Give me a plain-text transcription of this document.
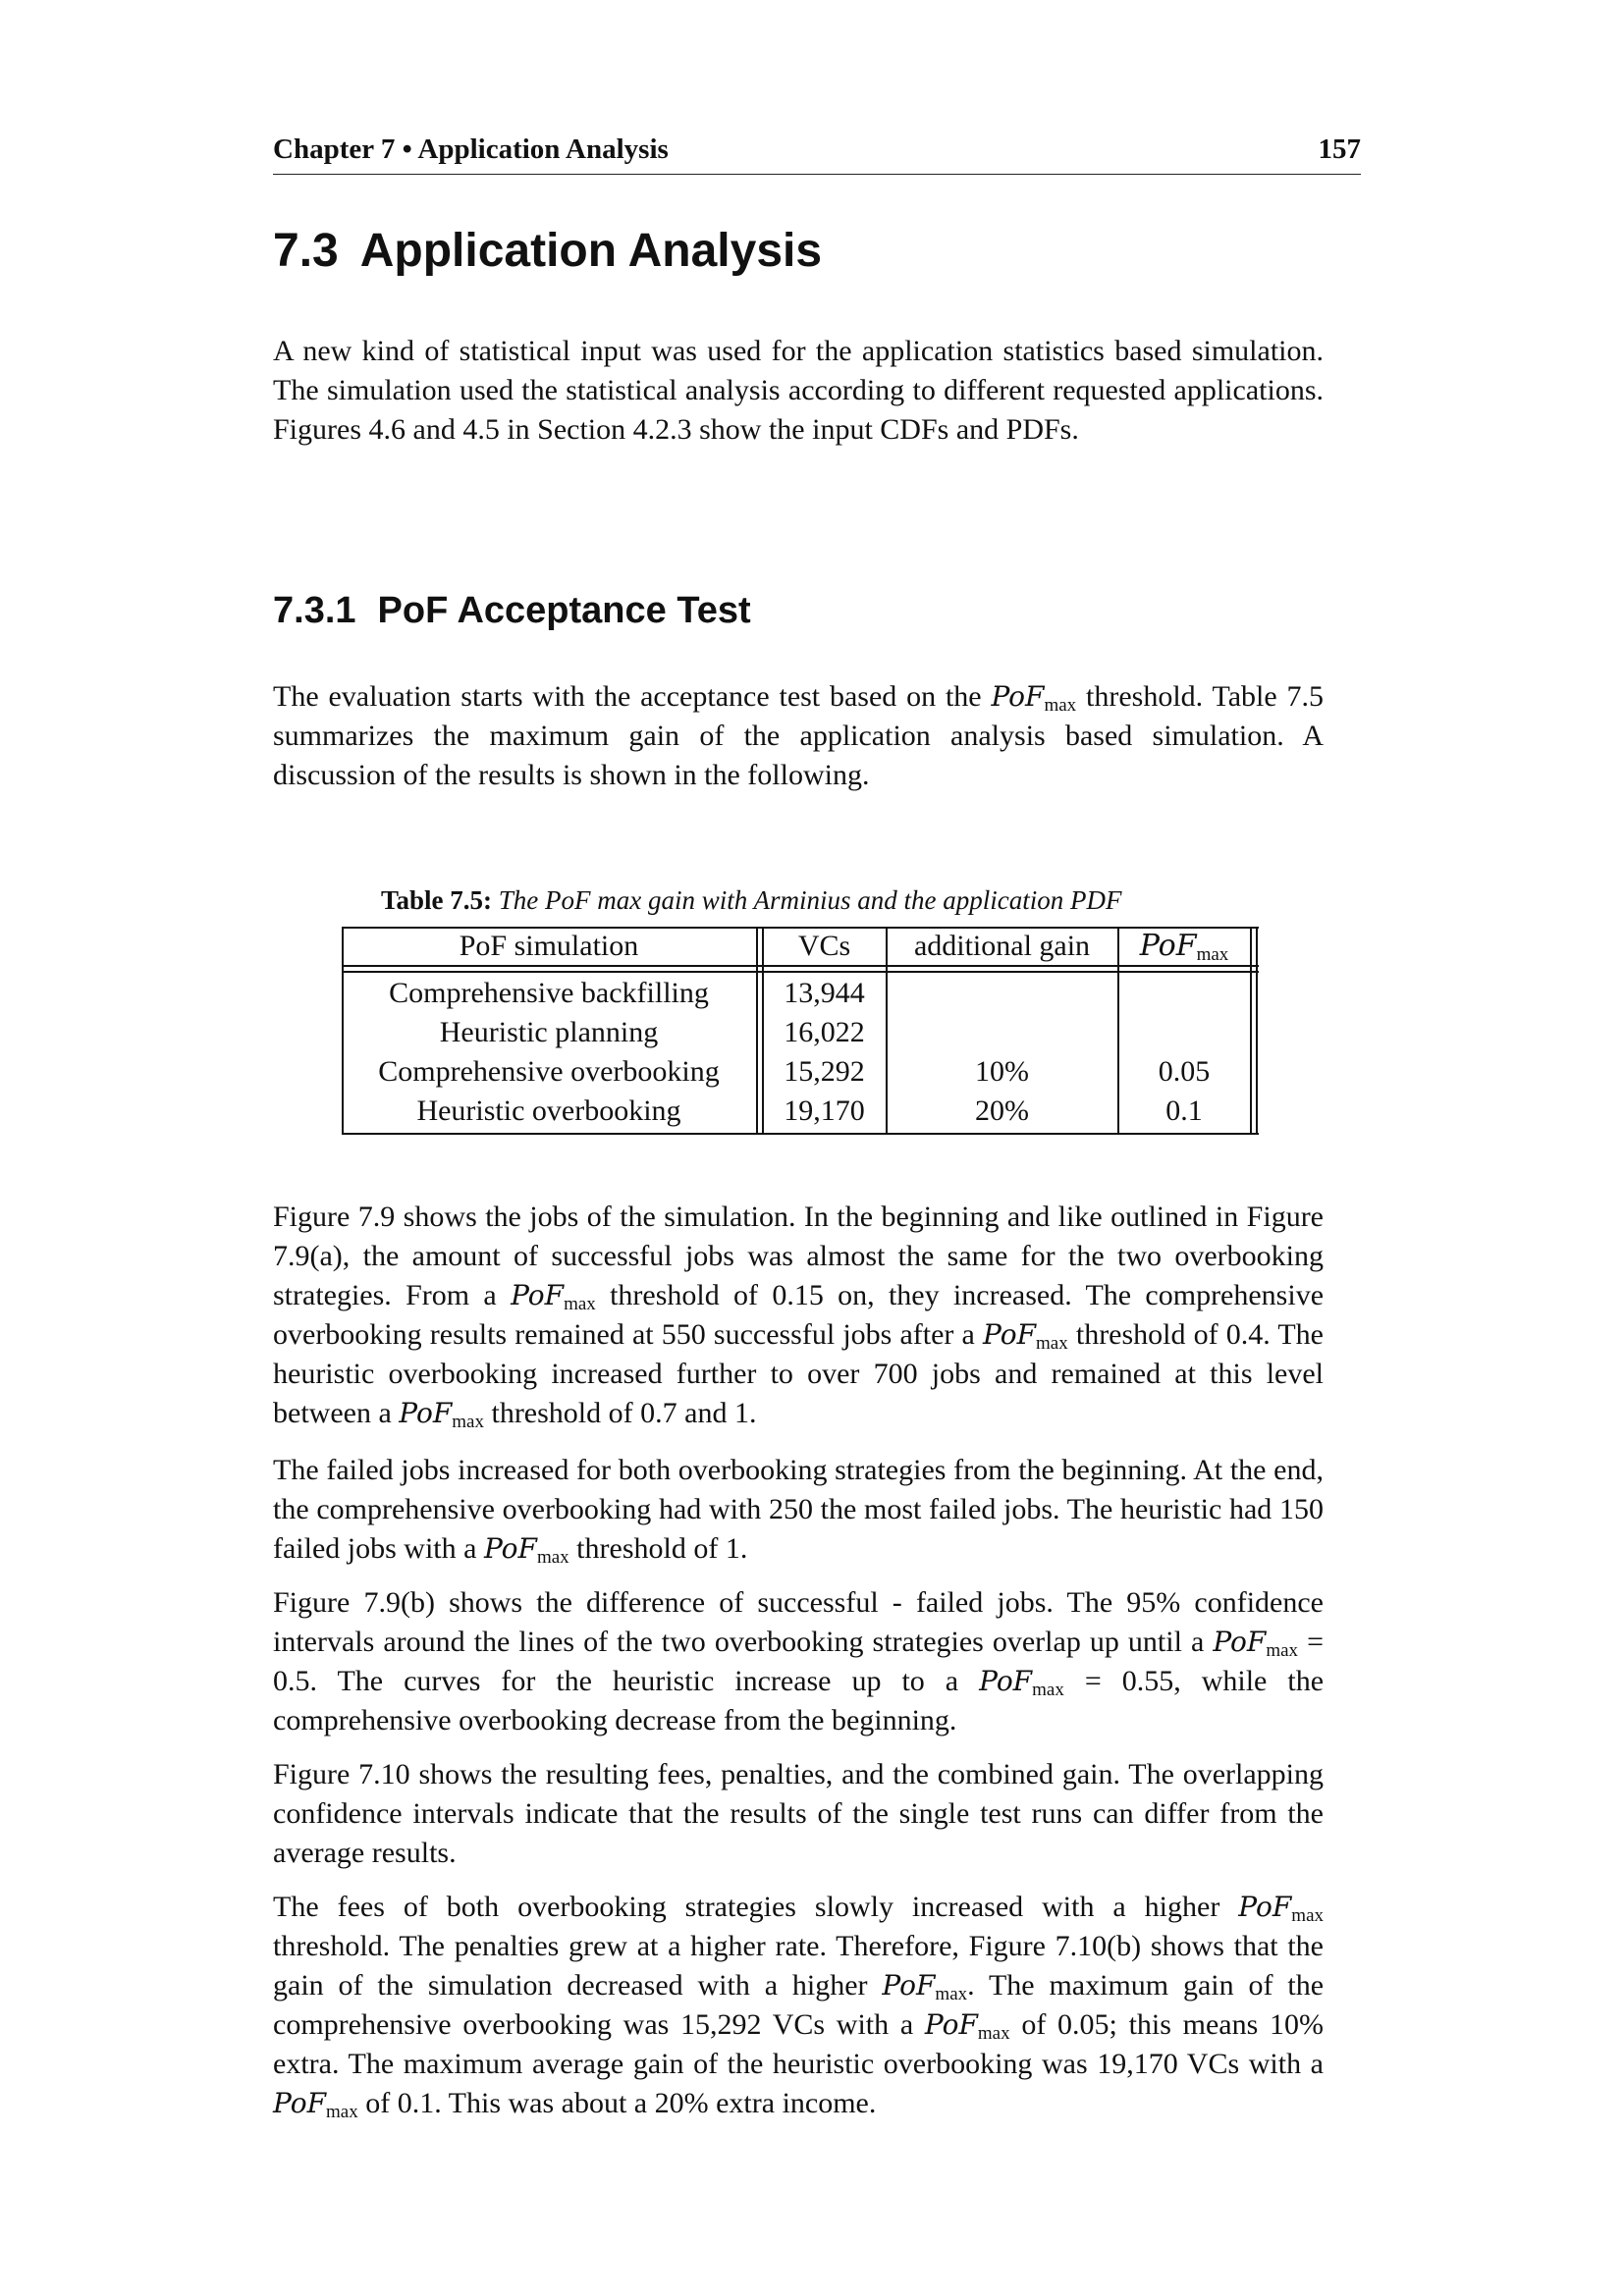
Chapter 7 • Application Analysis	157
7.3 Application Analysis

A new kind of statistical input was used for the application statistics based simulation. The simulation used the statistical analysis according to different requested applications. Figures 4.6 and 4.5 in Section 4.2.3 show the input CDFs and PDFs.

7.3.1 PoF Acceptance Test

The evaluation starts with the acceptance test based on the PoF$_{max}$ threshold. Table 7.5 summarizes the maximum gain of the application analysis based simulation. A discussion of the results is shown in the following.

Table 7.5: The PoF max gain with Arminius and the application PDF
PoF simulation	VCs	additional gain	PoF$_{max}$
Comprehensive backfilling	13,944
Heuristic planning	16,022
Comprehensive overbooking	15,292	10%	0.05
Heuristic overbooking	19,170	20%	0.1

Figure 7.9 shows the jobs of the simulation. In the beginning and like outlined in Figure 7.9(a), the amount of successful jobs was almost the same for the two overbooking strategies. From a PoF$_{max}$ threshold of 0.15 on, they increased. The comprehensive overbooking results remained at 550 successful jobs after a PoF$_{max}$ threshold of 0.4. The heuristic overbooking increased further to over 700 jobs and remained at this level between a PoF$_{max}$ threshold of 0.7 and 1.

The failed jobs increased for both overbooking strategies from the beginning. At the end, the comprehensive overbooking had with 250 the most failed jobs. The heuristic had 150 failed jobs with a PoF$_{max}$ threshold of 1.

Figure 7.9(b) shows the difference of successful - failed jobs. The 95% confidence intervals around the lines of the two overbooking strategies overlap up until a PoF$_{max}$ = 0.5. The curves for the heuristic increase up to a PoF$_{max}$ = 0.55, while the comprehensive overbooking decrease from the beginning.

Figure 7.10 shows the resulting fees, penalties, and the combined gain. The overlapping confidence intervals indicate that the results of the single test runs can differ from the average results.

The fees of both overbooking strategies slowly increased with a higher PoF$_{max}$ threshold. The penalties grew at a higher rate. Therefore, Figure 7.10(b) shows that the gain of the simulation decreased with a higher PoF$_{max}$. The maximum gain of the comprehensive overbooking was 15,292 VCs with a PoF$_{max}$ of 0.05; this means 10% extra. The maximum average gain of the heuristic overbooking was 19,170 VCs with a PoF$_{max}$ of 0.1. This was about a 20% extra income.
